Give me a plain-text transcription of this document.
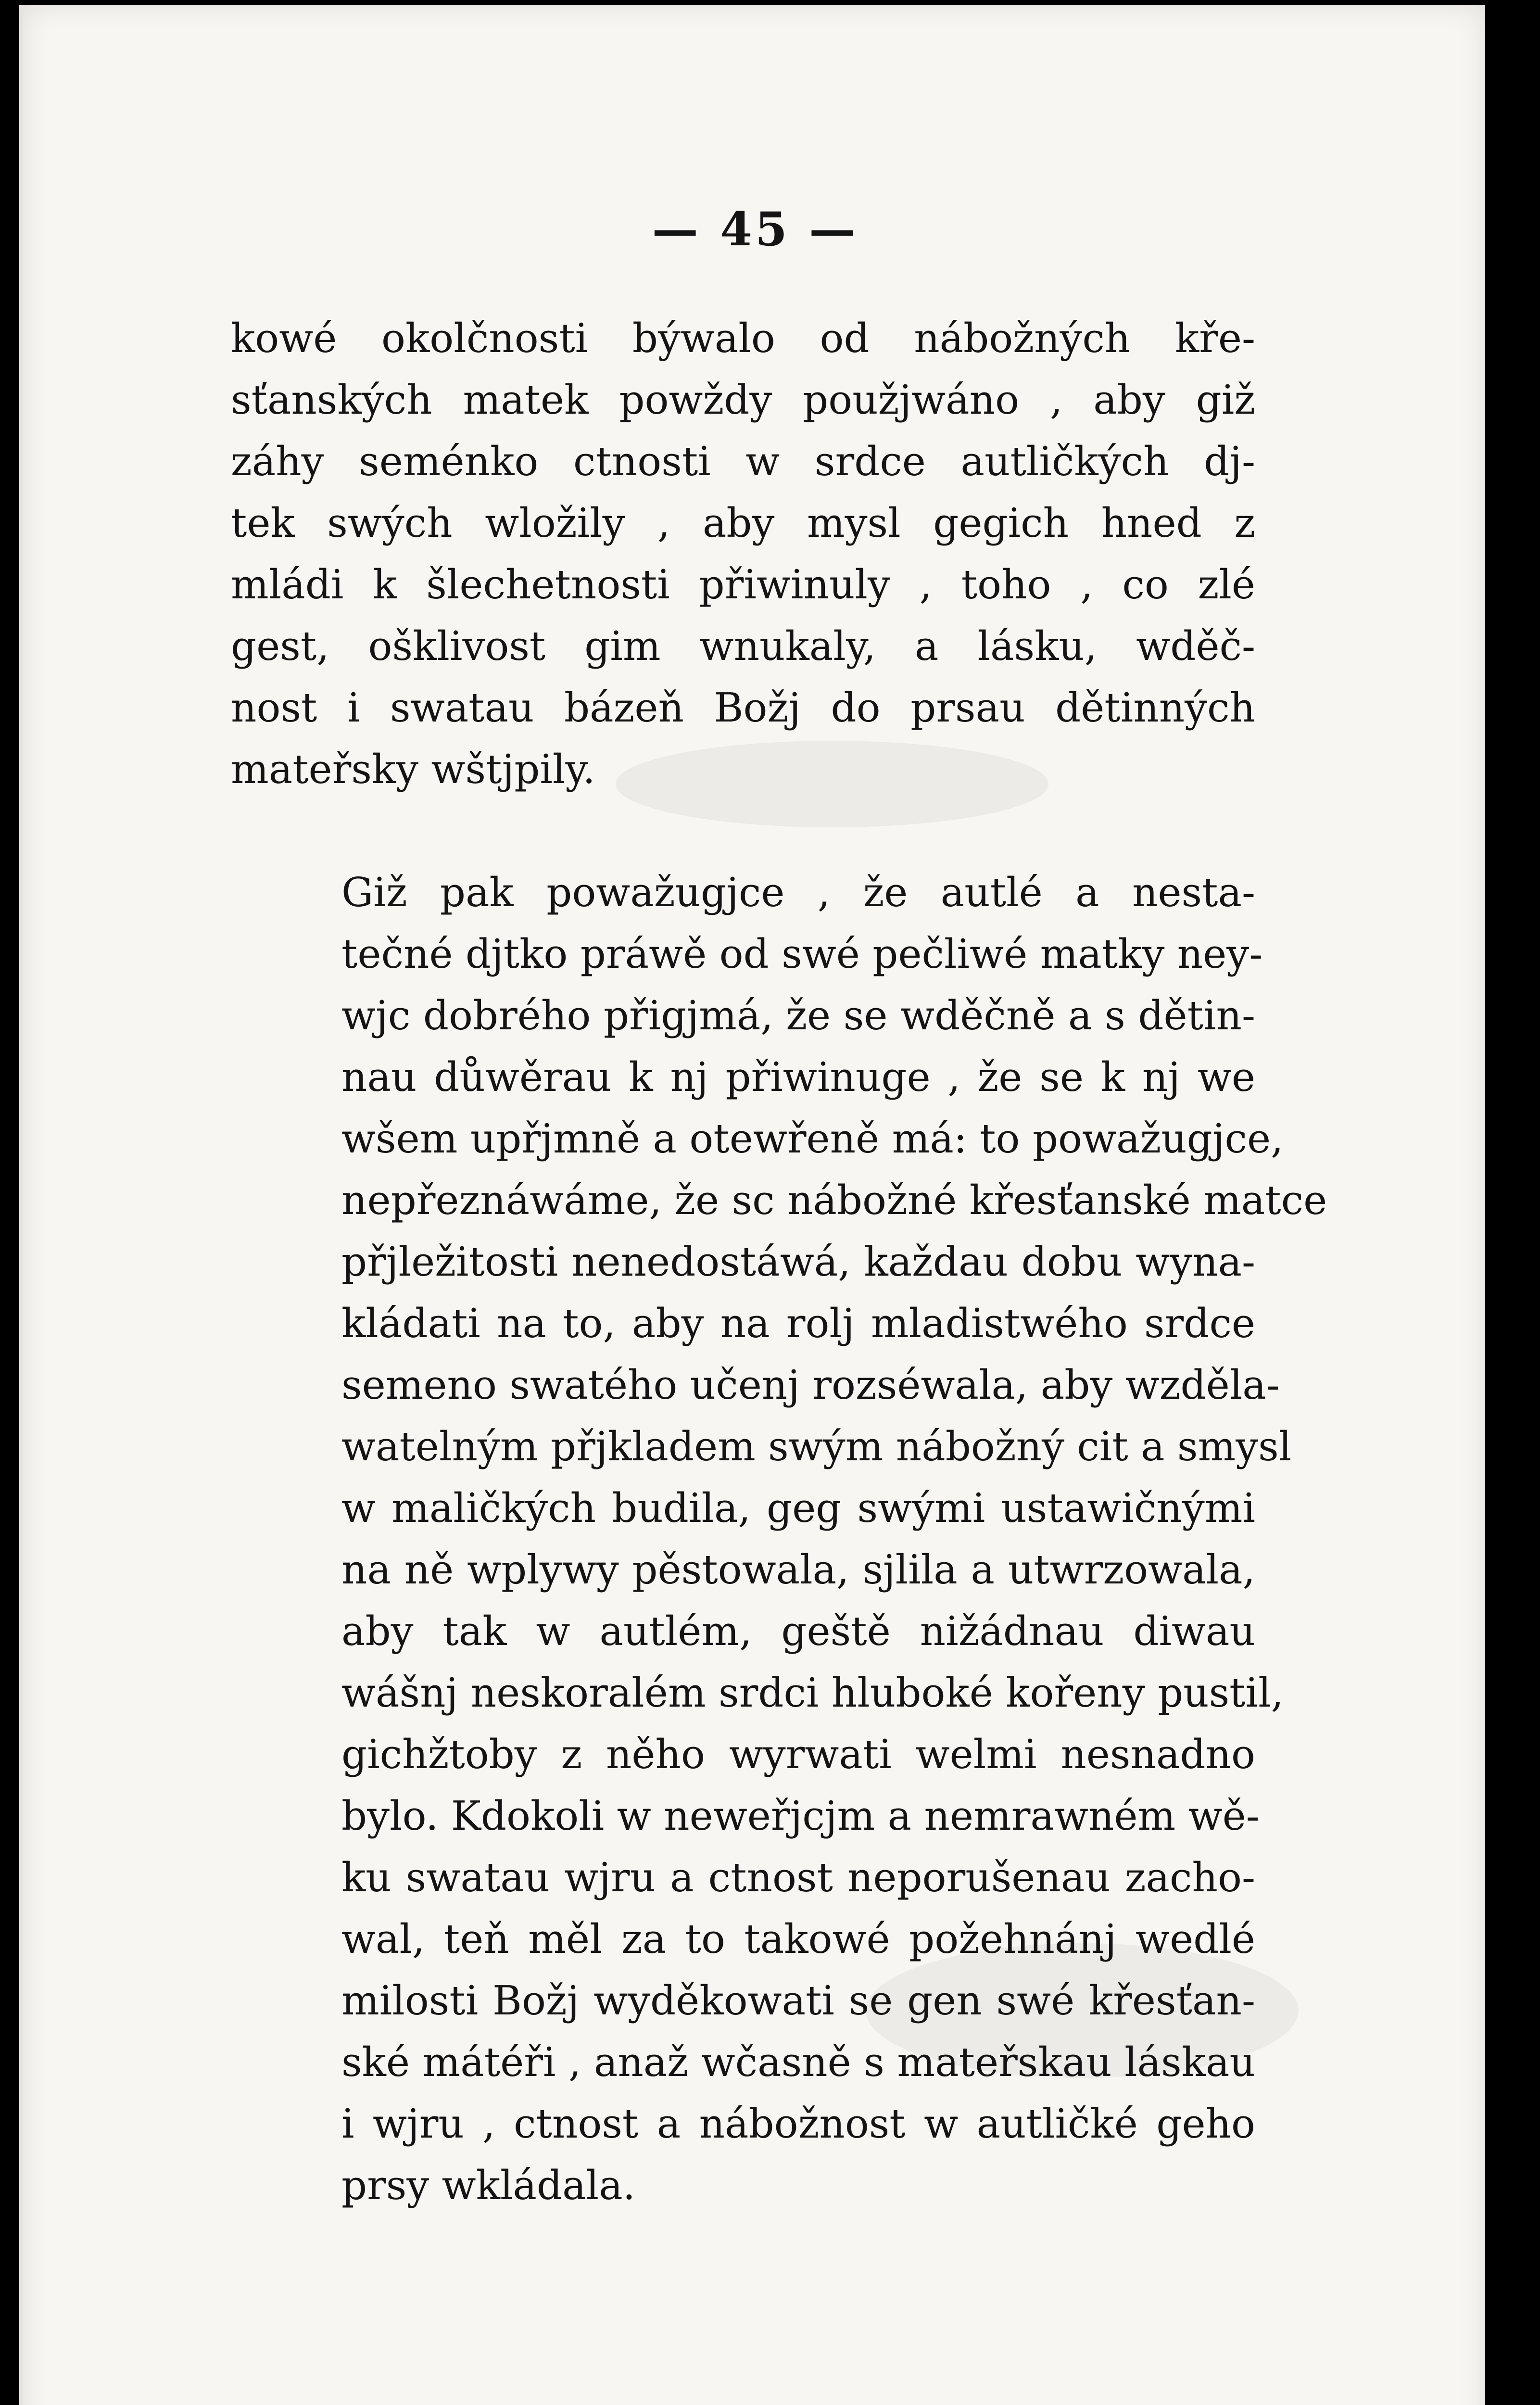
— 45 —

kowé okolčnosti býwalo od nábožných kře-
sťanských matek powždy použjwáno , aby giž
záhy seménko ctnosti w srdce autličkých dj-
tek swých wložily , aby mysl gegich hned z
mládi k šlechetnosti přiwinuly , toho , co zlé
gest, ošklivost gim wnukaly, a lásku, wděč-
nost i swatau bázeň Božj do prsau dětinných
mateřsky wštjpily.

Giž pak powažugjce , že autlé a nesta-
tečné djtko práwě od swé pečliwé matky ney-
wjc dobrého přigjmá, že se wděčně a s dětin-
nau důwěrau k nj přiwinuge , že se k nj we
wšem upřjmně a otewřeně má: to powažugjce,
nepřeznáwáme, že sc nábožné křesťanské matce
přjležitosti nenedostáwá, každau dobu wyna-
kládati na to, aby na rolj mladistwého srdce
semeno swatého učenj rozséwala, aby wzděla-
watelným přjkladem swým nábožný cit a smysl
w maličkých budila, geg swými ustawičnými
na ně wplywy pěstowala, sjlila a utwrzowala,
aby tak w autlém, geště nižádnau diwau
wášnj neskoralém srdci hluboké kořeny pustil,
gichžtoby z něho wyrwati welmi nesnadno
bylo. Kdokoli w neweřjcjm a nemrawném wě-
ku swatau wjru a ctnost neporušenau zacho-
wal, teň měl za to takowé požehnánj wedlé
milosti Božj wyděkowati se gen swé křesťan-
ské mátéři , anaž wčasně s mateřskau láskau
i wjru , ctnost a nábožnost w autličké geho
prsy wkládala.
